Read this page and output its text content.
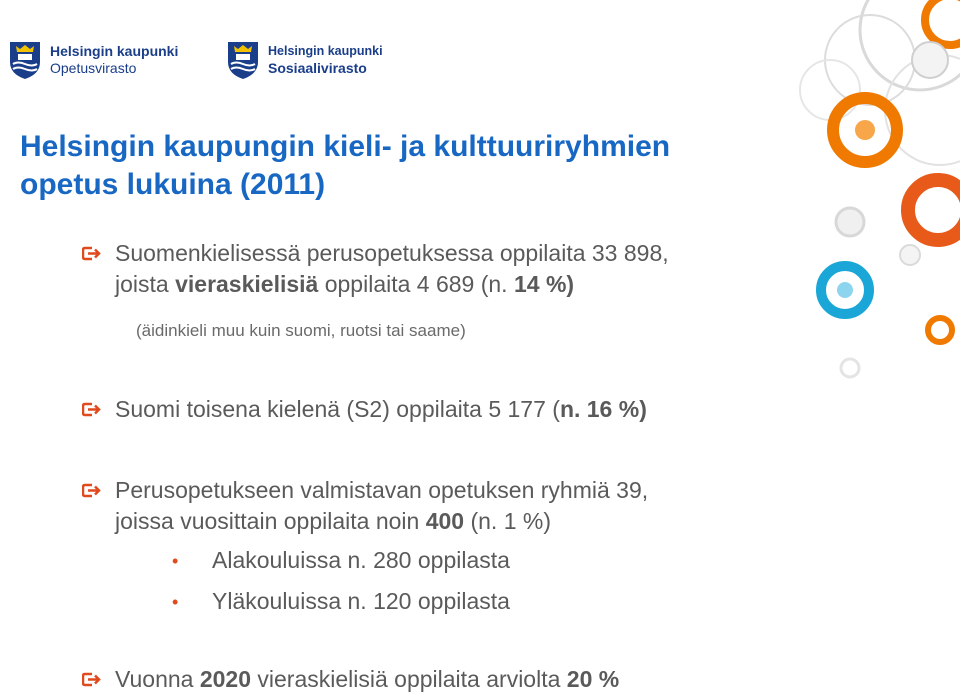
Helsingin kaupunki
Opetusvirasto
Helsingin kaupunki
Sosiaalivirasto
Helsingin kaupungin kieli- ja kulttuuriryhmien
opetus lukuina (2011)
Suomenkielisessä perusopetuksessa oppilaita 33 898,
joista vieraskielisiä oppilaita 4 689 (n. 14 %)
(äidinkieli muu kuin suomi, ruotsi tai saame)
Suomi toisena kielenä (S2) oppilaita 5 177 (n. 16 %)
Perusopetukseen valmistavan opetuksen ryhmiä 39,
joissa vuosittain oppilaita noin 400 (n. 1 %)
• Alakouluissa n. 280 oppilasta
• Yläkouluissa n. 120 oppilasta
Vuonna 2020 vieraskielisiä oppilaita arviolta 20 %
